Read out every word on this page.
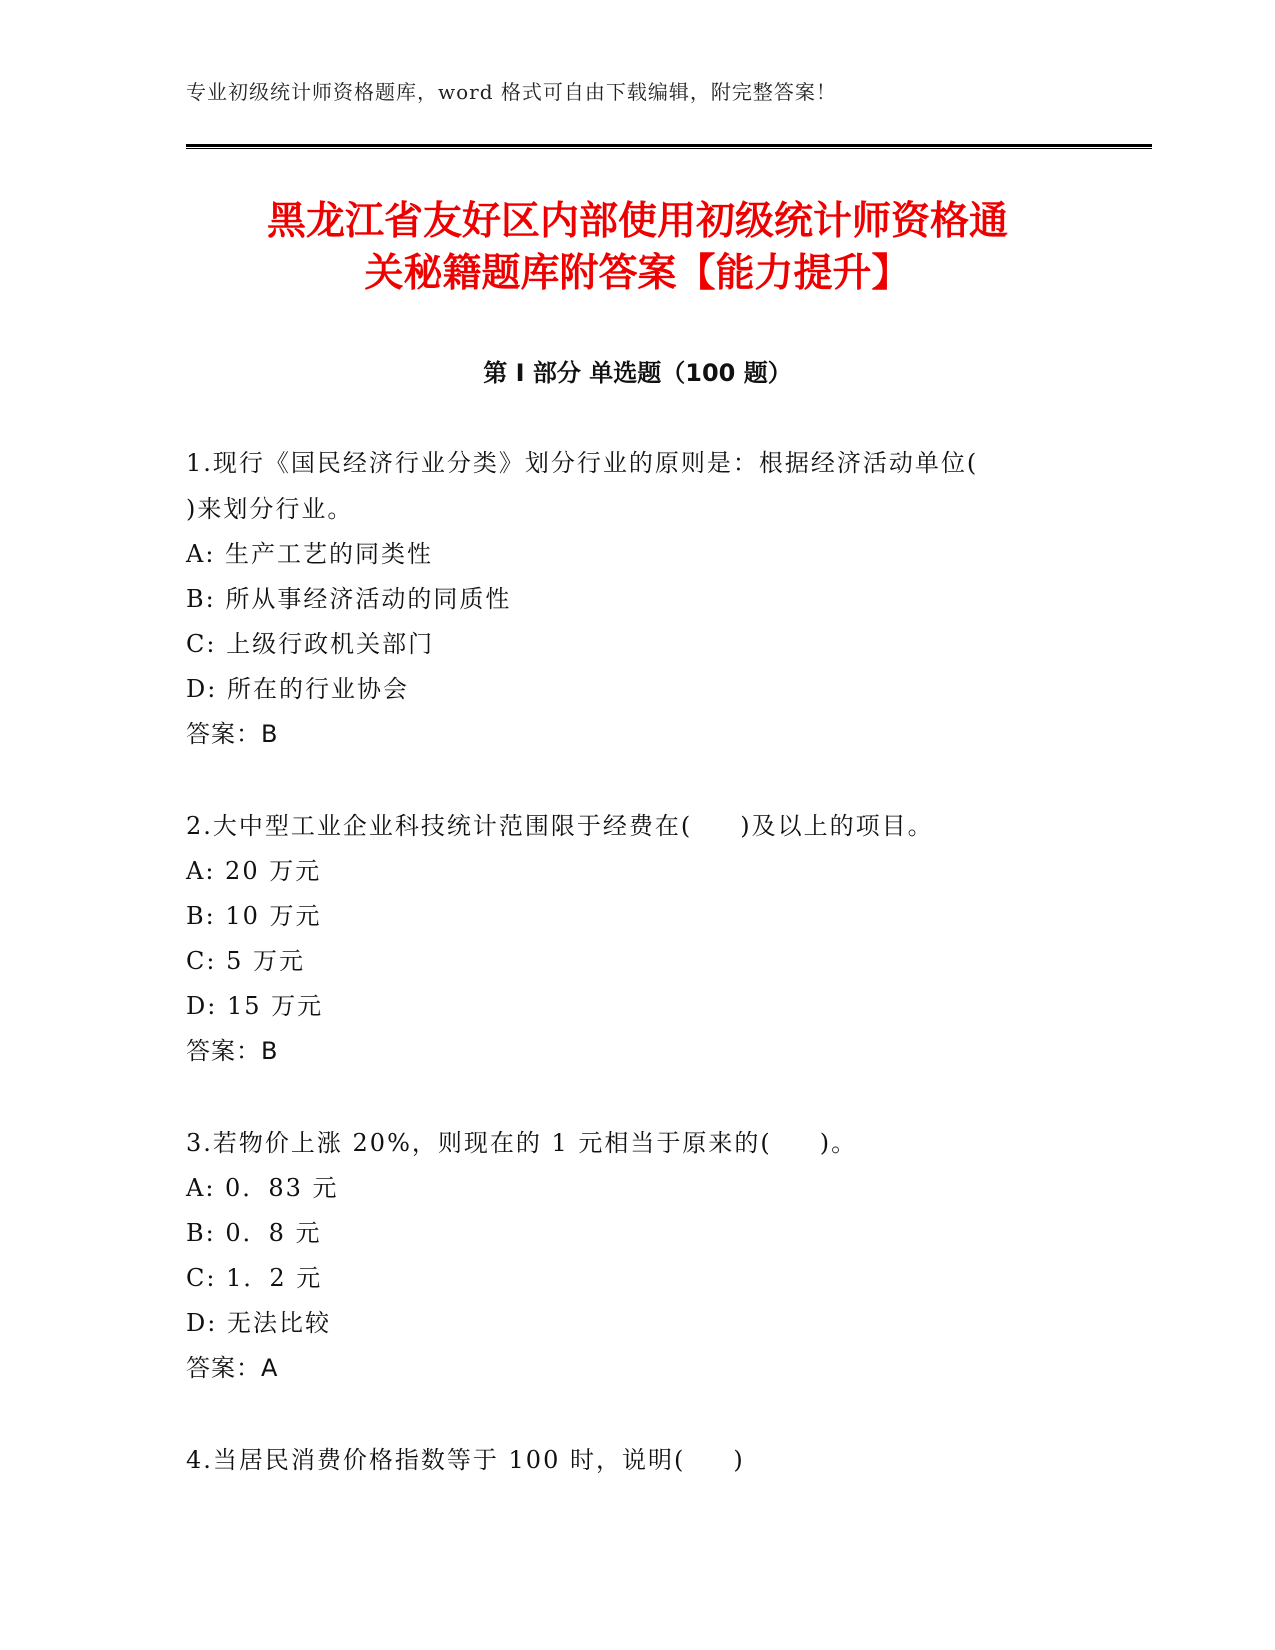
专业初级统计师资格题库，word 格式可自由下载编辑，附完整答案！
黑龙江省友好区内部使用初级统计师资格通
关秘籍题库附答案【能力提升】
第 I 部分 单选题（100 题）

1.现行《国民经济行业分类》划分行业的原则是：根据经济活动单位(
)来划分行业。

A: 生产工艺的同类性

B: 所从事经济活动的同质性

C: 上级行政机关部门

D: 所在的行业协会

答案：B

2.大中型工业企业科技统计范围限于经费在( )及以上的项目。

A: 20 万元

B: 10 万元

C: 5 万元

D: 15 万元

答案：B

3.若物价上涨 20%，则现在的 1 元相当于原来的( )。

A: 0．83 元

B: 0．8 元

C: 1．2 元

D: 无法比较

答案：A

4.当居民消费价格指数等于 100 时，说明( )
